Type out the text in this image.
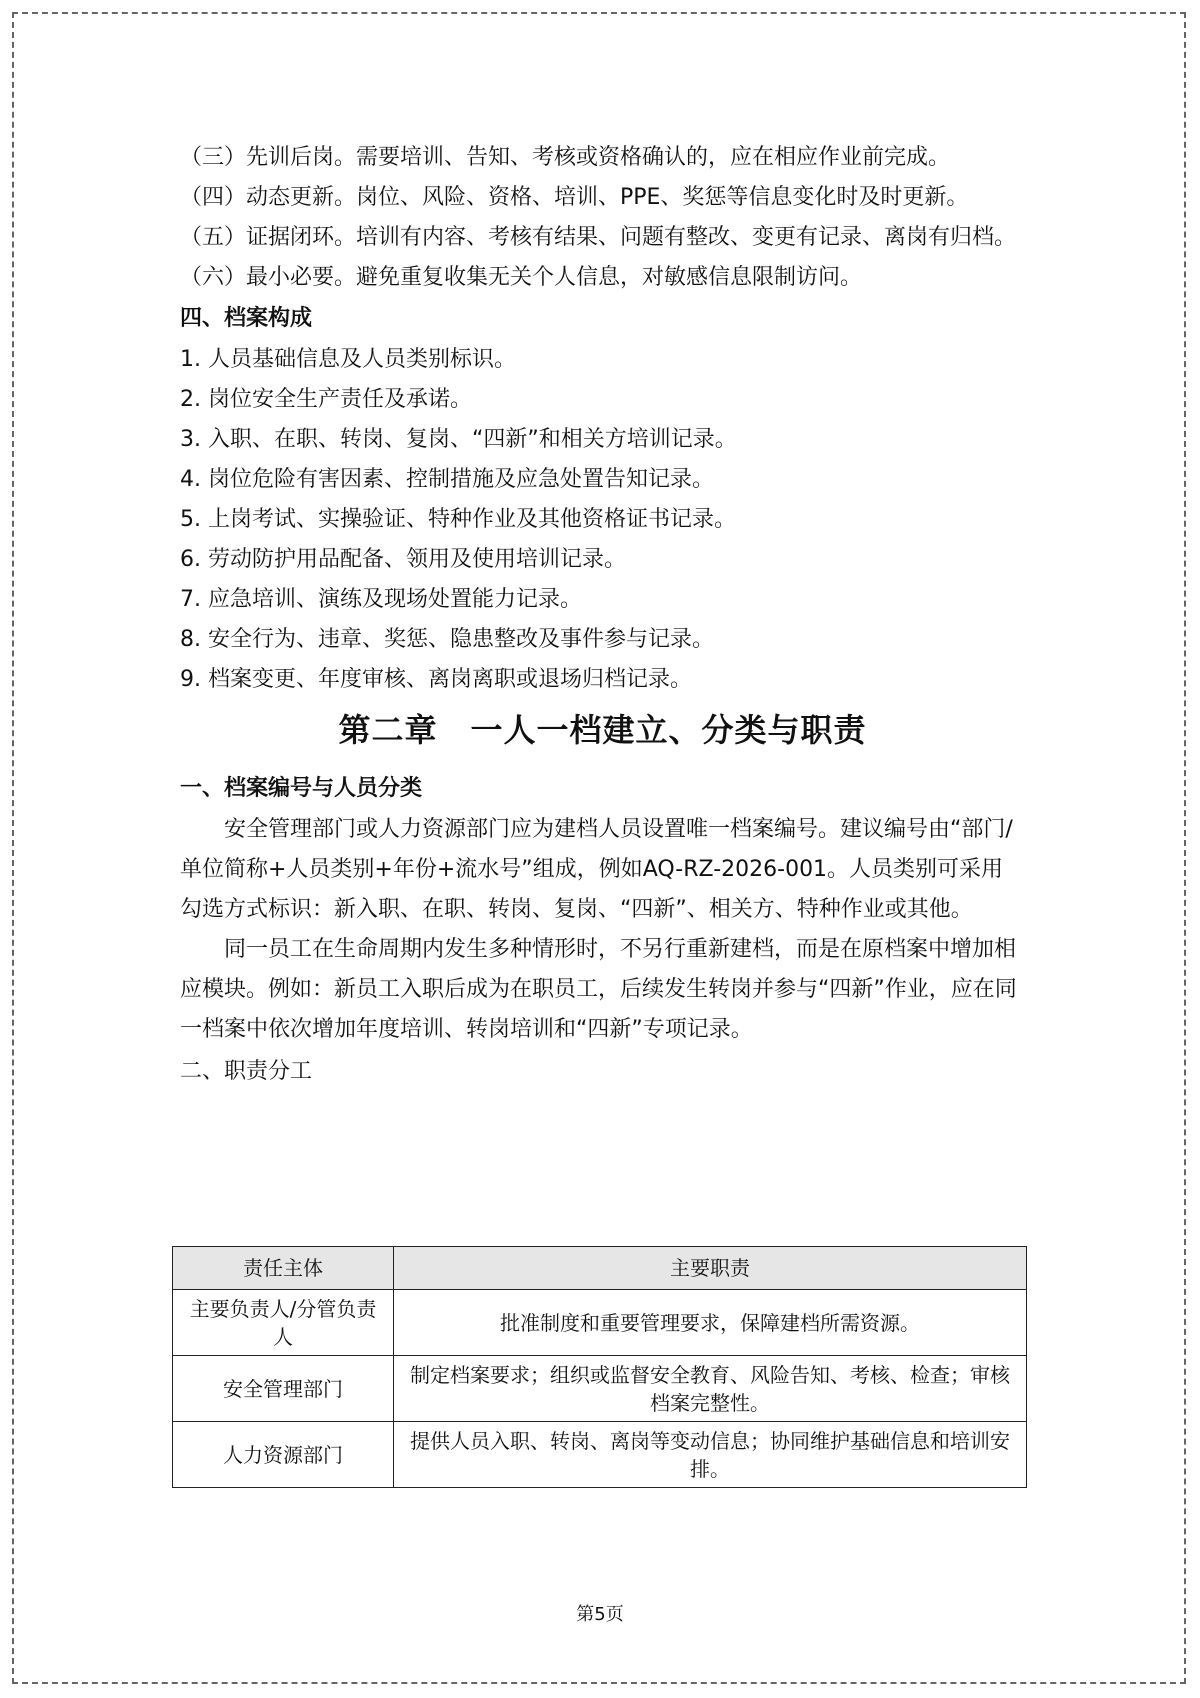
（三）先训后岗。需要培训、告知、考核或资格确认的，应在相应作业前完成。

（四）动态更新。岗位、风险、资格、培训、PPE、奖惩等信息变化时及时更新。

（五）证据闭环。培训有内容、考核有结果、问题有整改、变更有记录、离岗有归档。

（六）最小必要。避免重复收集无关个人信息，对敏感信息限制访问。

四、档案构成

1. 人员基础信息及人员类别标识。

2. 岗位安全生产责任及承诺。

3. 入职、在职、转岗、复岗、“四新”和相关方培训记录。

4. 岗位危险有害因素、控制措施及应急处置告知记录。

5. 上岗考试、实操验证、特种作业及其他资格证书记录。

6. 劳动防护用品配备、领用及使用培训记录。

7. 应急培训、演练及现场处置能力记录。

8. 安全行为、违章、奖惩、隐患整改及事件参与记录。

9. 档案变更、年度审核、离岗离职或退场归档记录。

第二章　一人一档建立、分类与职责

一、档案编号与人员分类

安全管理部门或人力资源部门应为建档人员设置唯一档案编号。建议编号由“部门/单位简称+人员类别+年份+流水号”组成，例如AQ-RZ-2026-001。人员类别可采用勾选方式标识：新入职、在职、转岗、复岗、“四新”、相关方、特种作业或其他。

同一员工在生命周期内发生多种情形时，不另行重新建档，而是在原档案中增加相应模块。例如：新员工入职后成为在职员工，后续发生转岗并参与“四新”作业，应在同一档案中依次增加年度培训、转岗培训和“四新”专项记录。

二、职责分工

责任主体	主要职责
主要负责人/分管负责人	批准制度和重要管理要求，保障建档所需资源。
安全管理部门	制定档案要求；组织或监督安全教育、风险告知、考核、检查；审核档案完整性。
人力资源部门	提供人员入职、转岗、离岗等变动信息；协同维护基础信息和培训安排。
第5页
